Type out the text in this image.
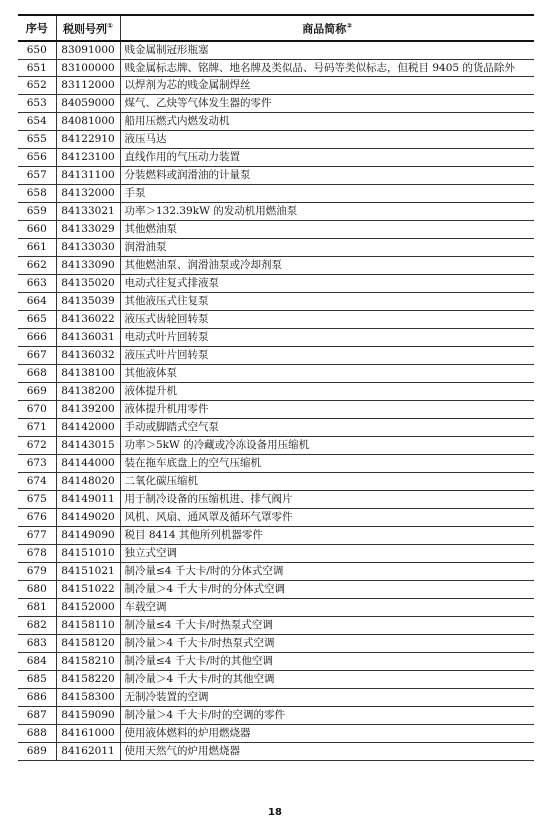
序号	税则号列①	商品简称②
650	83091000	贱金属制冠形瓶塞
651	83100000	贱金属标志牌、铭牌、地名牌及类似品、号码等类似标志，但税目 9405 的货品除外
652	83112000	以焊剂为芯的贱金属制焊丝
653	84059000	煤气、乙炔等气体发生器的零件
654	84081000	船用压燃式内燃发动机
655	84122910	液压马达
656	84123100	直线作用的气压动力装置
657	84131100	分装燃料或润滑油的计量泵
658	84132000	手泵
659	84133021	功率＞132.39kW 的发动机用燃油泵
660	84133029	其他燃油泵
661	84133030	润滑油泵
662	84133090	其他燃油泵、润滑油泵或冷却剂泵
663	84135020	电动式往复式排液泵
664	84135039	其他液压式往复泵
665	84136022	液压式齿轮回转泵
666	84136031	电动式叶片回转泵
667	84136032	液压式叶片回转泵
668	84138100	其他液体泵
669	84138200	液体提升机
670	84139200	液体提升机用零件
671	84142000	手动或脚踏式空气泵
672	84143015	功率＞5kW 的冷藏或冷冻设备用压缩机
673	84144000	装在拖车底盘上的空气压缩机
674	84148020	二氧化碳压缩机
675	84149011	用于制冷设备的压缩机进、排气阀片
676	84149020	风机、风扇、通风罩及循环气罩零件
677	84149090	税目 8414 其他所列机器零件
678	84151010	独立式空调
679	84151021	制冷量≤4 千大卡/时的分体式空调
680	84151022	制冷量＞4 千大卡/时的分体式空调
681	84152000	车载空调
682	84158110	制冷量≤4 千大卡/时热泵式空调
683	84158120	制冷量＞4 千大卡/时热泵式空调
684	84158210	制冷量≤4 千大卡/时的其他空调
685	84158220	制冷量＞4 千大卡/时的其他空调
686	84158300	无制冷装置的空调
687	84159090	制冷量＞4 千大卡/时的空调的零件
688	84161000	使用液体燃料的炉用燃烧器
689	84162011	使用天然气的炉用燃烧器
18
